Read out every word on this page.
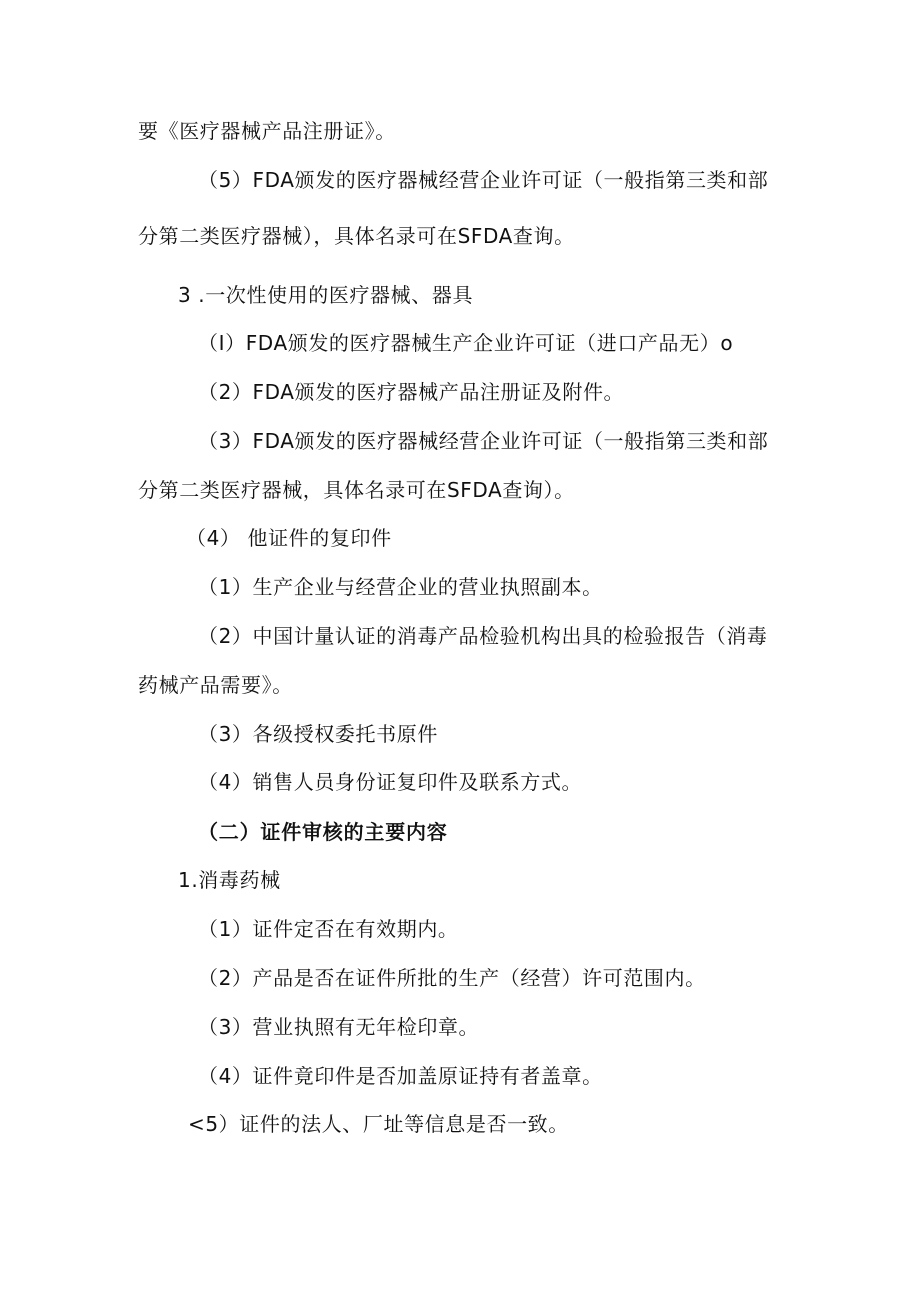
要《医疗器械产品注册证》。

（5）FDA颁发的医疗器械经营企业许可证（一般指第三类和部

分第二类医疗器械），具体名录可在SFDA查询。

3 .一次性使用的医疗器械、器具

（I）FDA颁发的医疗器械生产企业许可证（进口产品无）o

（2）FDA颁发的医疗器械产品注册证及附件。

（3）FDA颁发的医疗器械经营企业许可证（一般指第三类和部

分第二类医疗器械，具体名录可在SFDA查询）。

（4） 他证件的复印件

（1）生产企业与经营企业的营业执照副本。

（2）中国计量认证的消毒产品检验机构出具的检验报告（消毒

药械产品需要》。

（3）各级授权委托书原件

（4）销售人员身份证复印件及联系方式。

（二）证件审核的主要内容

1.消毒药械

（1）证件定否在有效期内。

（2）产品是否在证件所批的生产（经营）许可范围内。

（3）营业执照有无年检印章。

（4）证件竟印件是否加盖原证持有者盖章。

<5）证件的法人、厂址等信息是否一致。
